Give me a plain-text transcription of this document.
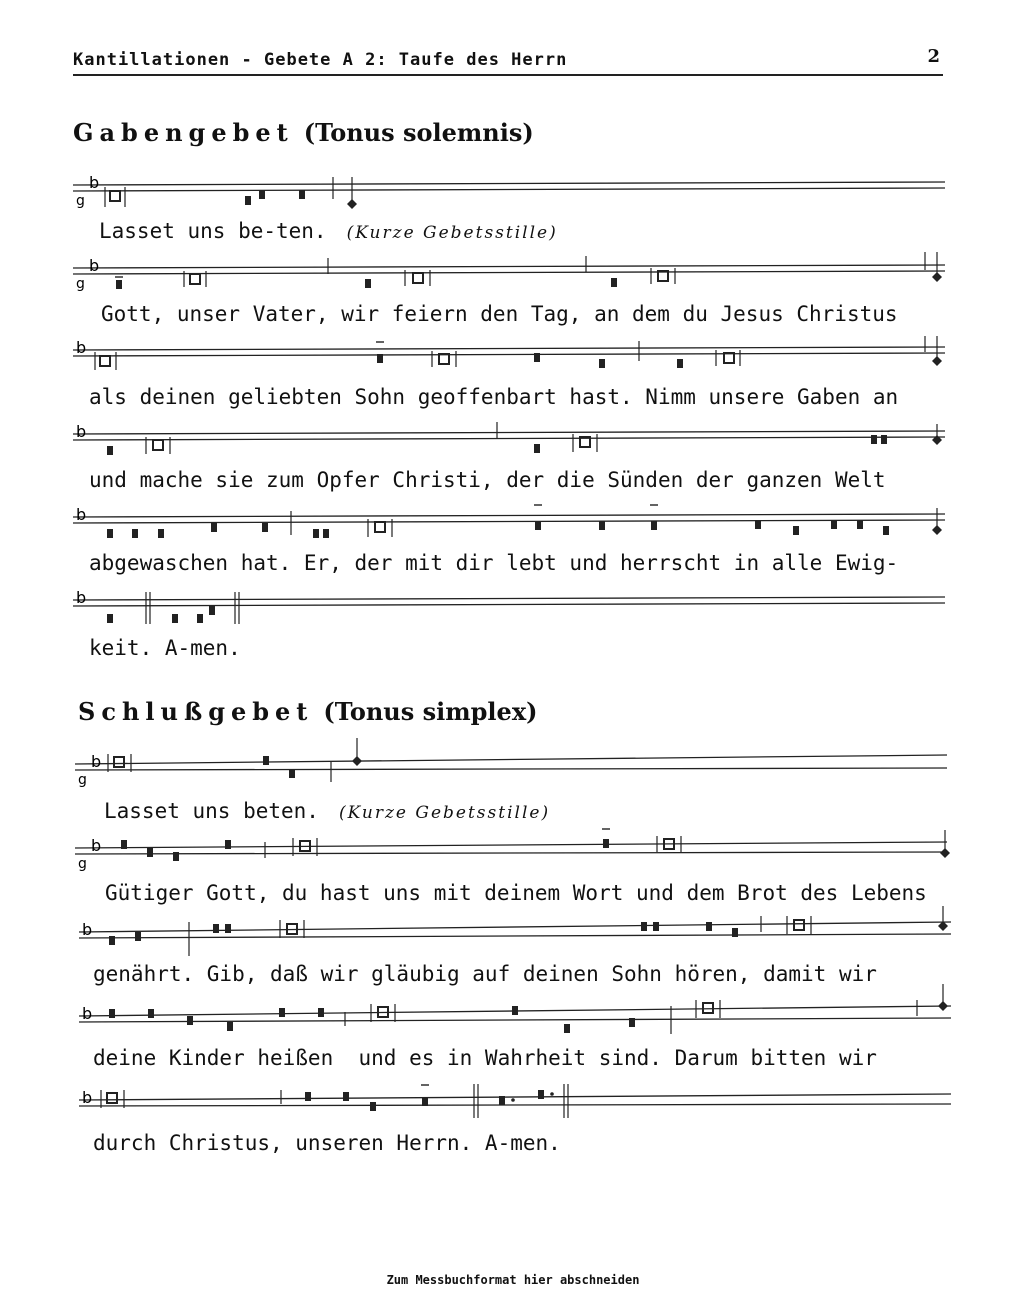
Kantillationen - Gebete A 2: Taufe des Herrn	2
Gabengebet (Tonus solemnis)
b
g
Lasset uns be-ten. (Kurze Gebetsstille)
b
g
Gott, unser Vater, wir feiern den Tag, an dem du Jesus Christus
b
als deinen geliebten Sohn geoffenbart hast. Nimm unsere Gaben an
b
und mache sie zum Opfer Christi, der die Sünden der ganzen Welt
b
abgewaschen hat. Er, der mit dir lebt und herrscht in alle Ewig-
b
keit. A-men.
Schlußgebet (Tonus simplex)
b
g
Lasset uns beten. (Kurze Gebetsstille)
b
g
Gütiger Gott, du hast uns mit deinem Wort und dem Brot des Lebens
b
genährt. Gib, daß wir gläubig auf deinen Sohn hören, damit wir
b
deine Kinder heißen  und es in Wahrheit sind. Darum bitten wir
b
durch Christus, unseren Herrn. A-men.
Zum Messbuchformat hier abschneiden
